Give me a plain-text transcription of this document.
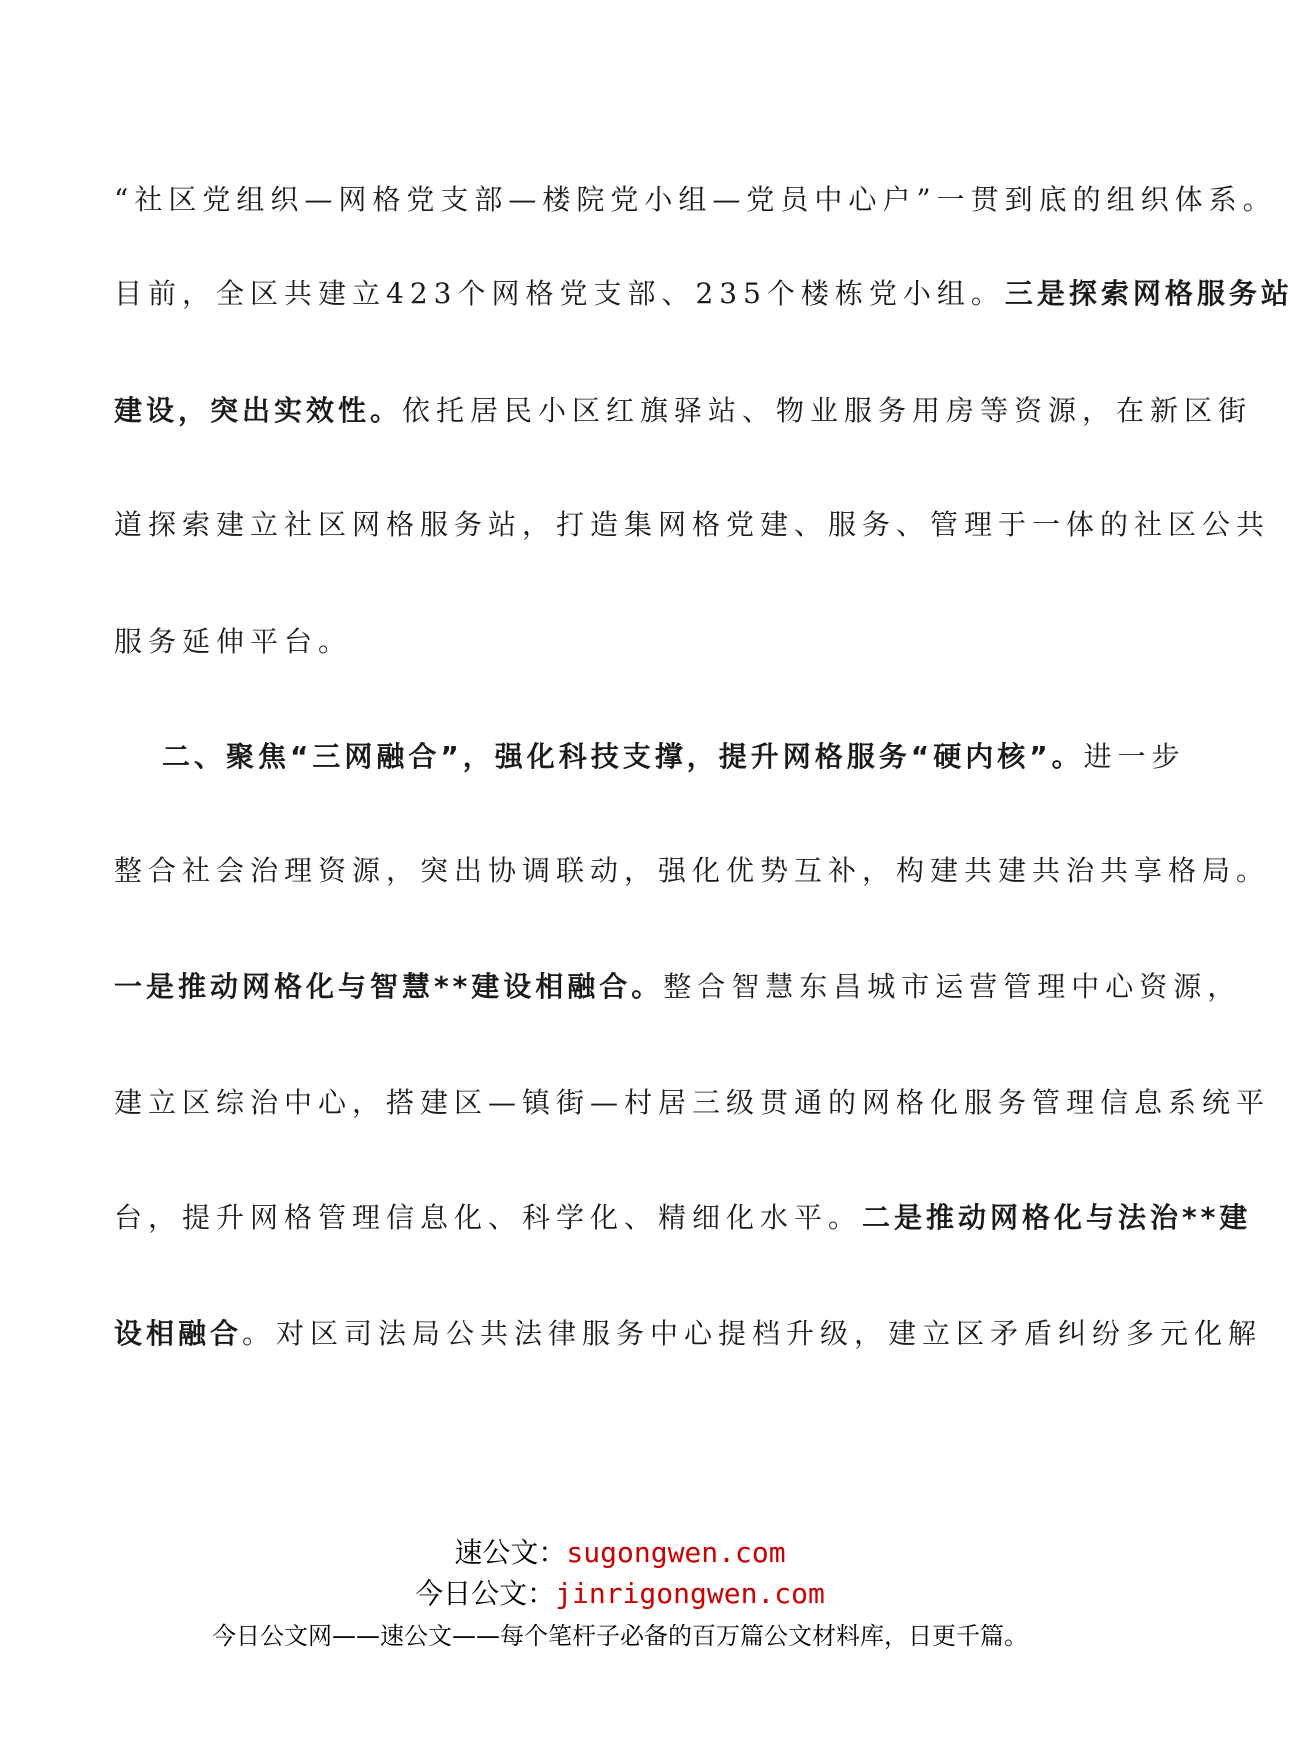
“社区党组织—网格党支部—楼院党小组—党员中心户”一贯到底的组织体系。
目前，全区共建立423个网格党支部、235个楼栋党小组。三是探索网格服务站
建设，突出实效性。依托居民小区红旗驿站、物业服务用房等资源，在新区街
道探索建立社区网格服务站，打造集网格党建、服务、管理于一体的社区公共
服务延伸平台。
二、聚焦“三网融合”，强化科技支撑，提升网格服务“硬内核”。进一步
整合社会治理资源，突出协调联动，强化优势互补，构建共建共治共享格局。
一是推动网格化与智慧**建设相融合。整合智慧东昌城市运营管理中心资源，
建立区综治中心，搭建区—镇街—村居三级贯通的网格化服务管理信息系统平
台，提升网格管理信息化、科学化、精细化水平。二是推动网格化与法治**建
设相融合。对区司法局公共法律服务中心提档升级，建立区矛盾纠纷多元化解
速公文：sugongwen.com
今日公文：jinrigongwen.com
今日公文网——速公文——每个笔杆子必备的百万篇公文材料库，日更千篇。
